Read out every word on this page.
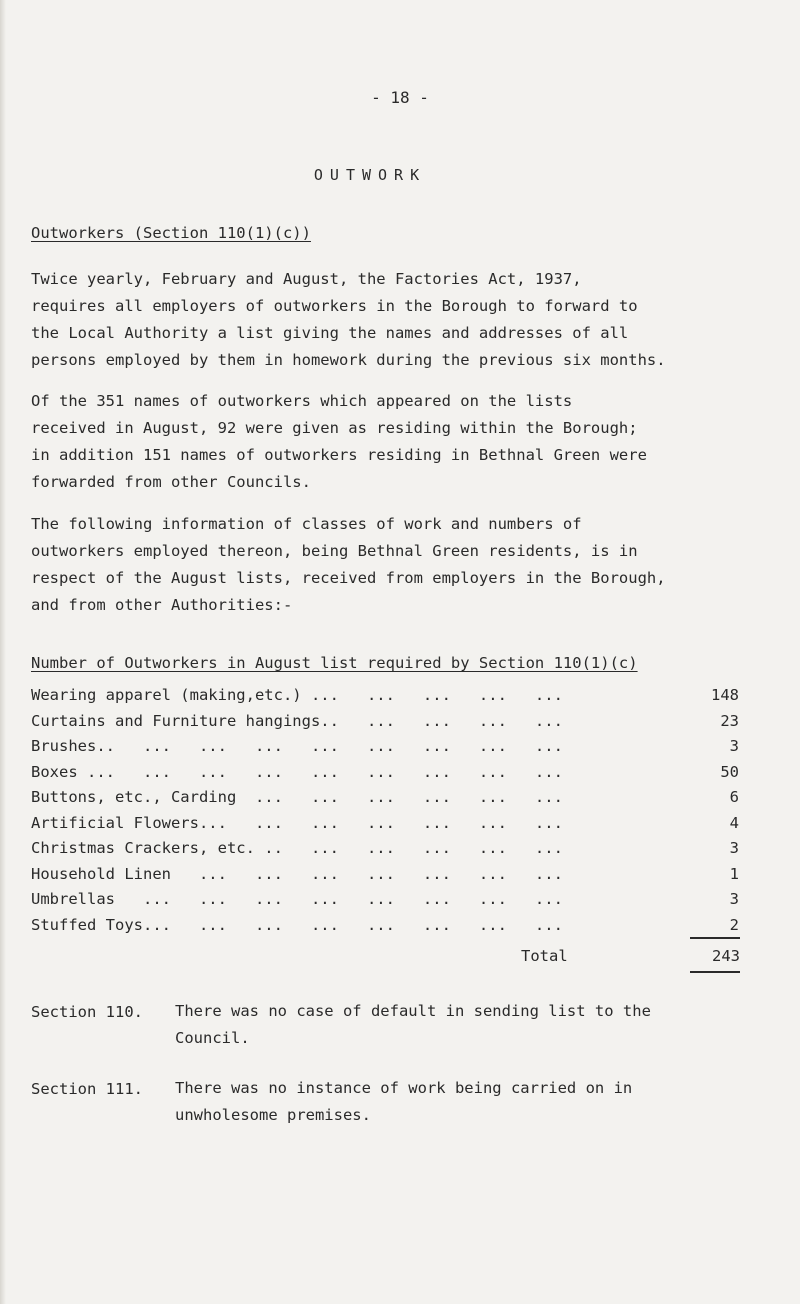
- 18 -
OUTWORK
Outworkers (Section 110(1)(c))
Twice yearly, February and August, the Factories Act, 1937,
requires all employers of outworkers in the Borough to forward to
the Local Authority a list giving the names and addresses of all
persons employed by them in homework during the previous six months.
Of the 351 names of outworkers which appeared on the lists
received in August, 92 were given as residing within the Borough;
in addition 151 names of outworkers residing in Bethnal Green were
forwarded from other Councils.
The following information of classes of work and numbers of
outworkers employed thereon, being Bethnal Green residents, is in
respect of the August lists, received from employers in the Borough,
and from other Authorities:-
Number of Outworkers in August list required by Section 110(1)(c)
Wearing apparel (making,etc.) ...   ...   ...   ...   ...	148
Curtains and Furniture hangings..   ...   ...   ...   ...	23
Brushes..   ...   ...   ...   ...   ...   ...   ...   ...	3
Boxes ...   ...   ...   ...   ...   ...   ...   ...   ...	50
Buttons, etc., Carding  ...   ...   ...   ...   ...   ...	6
Artificial Flowers...   ...   ...   ...   ...   ...   ...	4
Christmas Crackers, etc. ..   ...   ...   ...   ...   ...	3
Household Linen   ...   ...   ...   ...   ...   ...   ...	1
Umbrellas   ...   ...   ...   ...   ...   ...   ...   ...	3
Stuffed Toys...   ...   ...   ...   ...   ...   ...   ...	2
Total	243
Section 110. There was no case of default in sending list to the
Council.
Section 111. There was no instance of work being carried on in
unwholesome premises.
